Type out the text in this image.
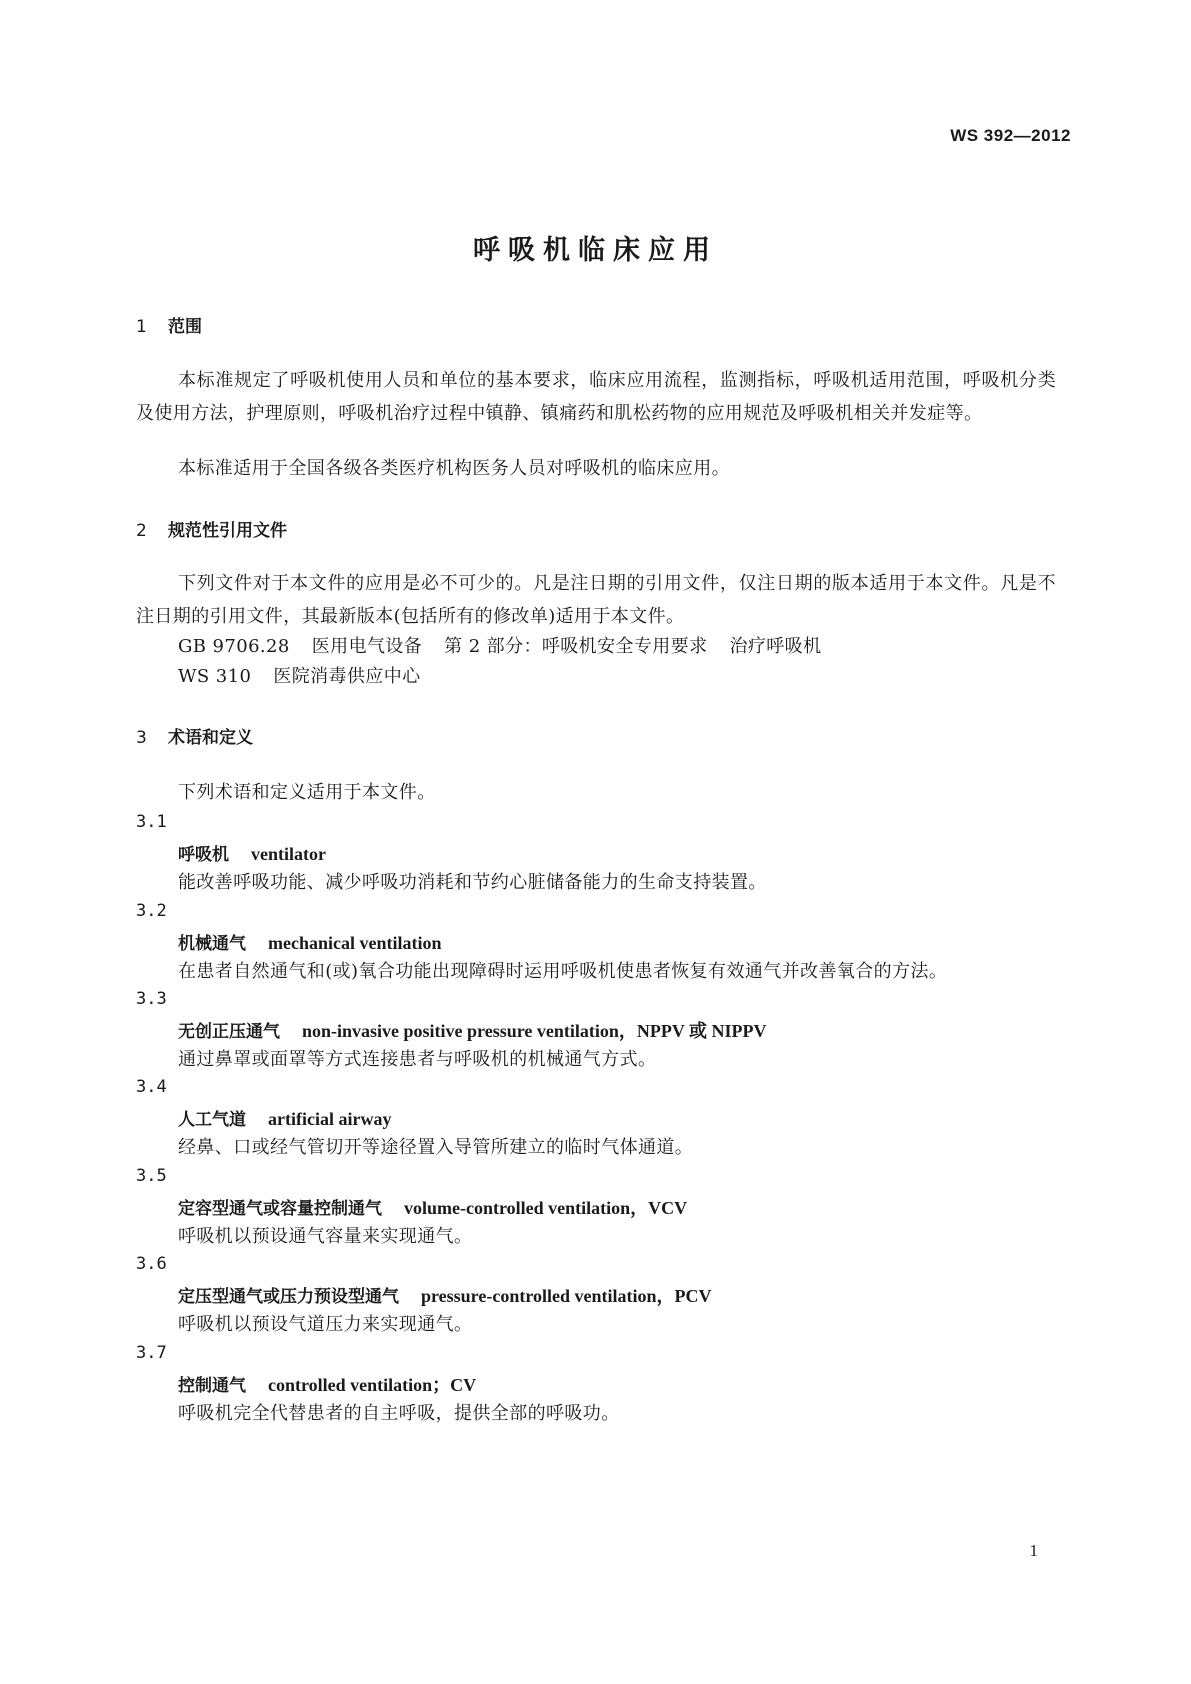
WS 392—2012
呼吸机临床应用
1 范围
本标准规定了呼吸机使用人员和单位的基本要求，临床应用流程，监测指标，呼吸机适用范围，呼吸机分类及使用方法，护理原则，呼吸机治疗过程中镇静、镇痛药和肌松药物的应用规范及呼吸机相关并发症等。
本标准适用于全国各级各类医疗机构医务人员对呼吸机的临床应用。
2 规范性引用文件
下列文件对于本文件的应用是必不可少的。凡是注日期的引用文件，仅注日期的版本适用于本文件。凡是不注日期的引用文件，其最新版本(包括所有的修改单)适用于本文件。
GB 9706.28 医用电气设备 第 2 部分：呼吸机安全专用要求 治疗呼吸机
WS 310 医院消毒供应中心
3 术语和定义
下列术语和定义适用于本文件。
3.1
呼吸机 ventilator
能改善呼吸功能、减少呼吸功消耗和节约心脏储备能力的生命支持装置。
3.2
机械通气 mechanical ventilation
在患者自然通气和(或)氧合功能出现障碍时运用呼吸机使患者恢复有效通气并改善氧合的方法。
3.3
无创正压通气 non-invasive positive pressure ventilation，NPPV 或 NIPPV
通过鼻罩或面罩等方式连接患者与呼吸机的机械通气方式。
3.4
人工气道 artificial airway
经鼻、口或经气管切开等途径置入导管所建立的临时气体通道。
3.5
定容型通气或容量控制通气 volume-controlled ventilation，VCV
呼吸机以预设通气容量来实现通气。
3.6
定压型通气或压力预设型通气 pressure-controlled ventilation，PCV
呼吸机以预设气道压力来实现通气。
3.7
控制通气 controlled ventilation；CV
呼吸机完全代替患者的自主呼吸，提供全部的呼吸功。
1
